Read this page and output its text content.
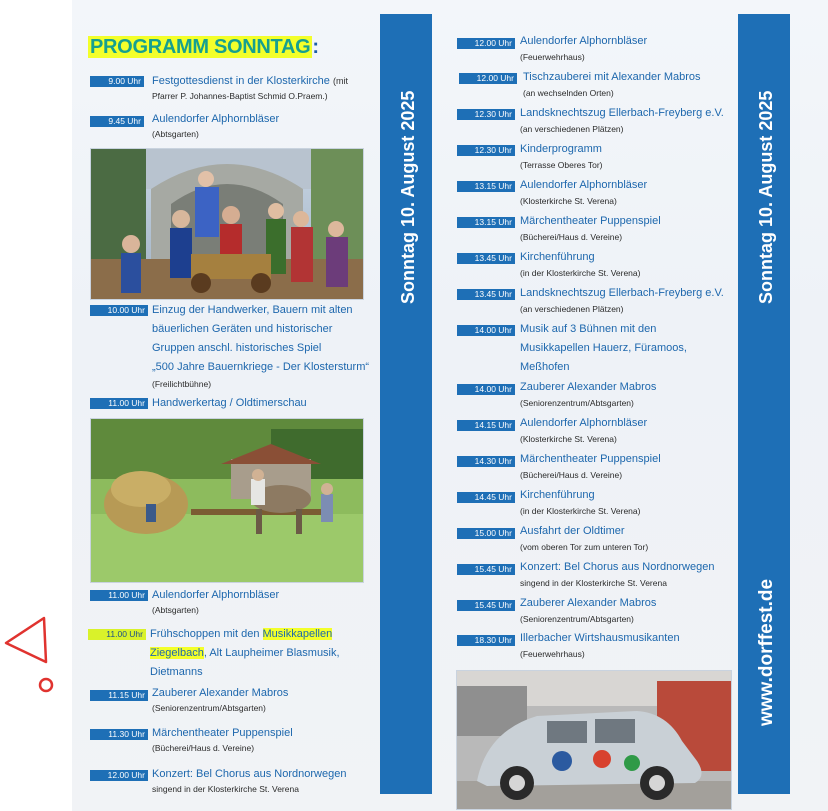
PROGRAMM SONNTAG :
9.00 Uhr Festgottesdienst in der Klosterkirche (mit
Pfarrer P. Johannes-Baptist Schmid O.Praem.)
9.45 Uhr Aulendorfer Alphornbläser
(Abtsgarten)
10.00 Uhr Einzug der Handwerker, Bauern mit alten
bäuerlichen Geräten und historischer
Gruppen anschl. historisches Spiel
„500 Jahre Bauernkriege - Der Klostersturm“
(Freilichtbühne)
11.00 Uhr Handwerkertag / Oldtimerschau
11.00 Uhr Aulendorfer Alphornbläser
(Abtsgarten)
11.00 Uhr Frühschoppen mit den Musikkapellen
Ziegelbach, Alt Laupheimer Blasmusik,
Dietmanns
11.15 Uhr Zauberer Alexander Mabros
(Seniorenzentrum/Abtsgarten)
11.30 Uhr Märchentheater Puppenspiel
(Bücherei/Haus d. Vereine)
12.00 Uhr Konzert: Bel Chorus aus Nordnorwegen
singend in der Klosterkirche St. Verena
Sonntag 10. August 2025
12.00 Uhr Aulendorfer Alphornbläser
(Feuerwehrhaus)
12.00 Uhr Tischzauberei mit Alexander Mabros
(an wechselnden Orten)
12.30 Uhr Landsknechtszug Ellerbach-Freyberg e.V.
(an verschiedenen Plätzen)
12.30 Uhr Kinderprogramm
(Terrasse Oberes Tor)
13.15 Uhr Aulendorfer Alphornbläser
(Klosterkirche St. Verena)
13.15 Uhr Märchentheater Puppenspiel
(Bücherei/Haus d. Vereine)
13.45 Uhr Kirchenführung
(in der Klosterkirche St. Verena)
13.45 Uhr Landsknechtszug Ellerbach-Freyberg e.V.
(an verschiedenen Plätzen)
14.00 Uhr Musik auf 3 Bühnen mit den
Musikkapellen Hauerz, Füramoos,
Meßhofen
14.00 Uhr Zauberer Alexander Mabros
(Seniorenzentrum/Abtsgarten)
14.15 Uhr Aulendorfer Alphornbläser
(Klosterkirche St. Verena)
14.30 Uhr Märchentheater Puppenspiel
(Bücherei/Haus d. Vereine)
14.45 Uhr Kirchenführung
(in der Klosterkirche St. Verena)
15.00 Uhr Ausfahrt der Oldtimer
(vom oberen Tor zum unteren Tor)
15.45 Uhr Konzert: Bel Chorus aus Nordnorwegen
singend in der Klosterkirche St. Verena
15.45 Uhr Zauberer Alexander Mabros
(Seniorenzentrum/Abtsgarten)
18.30 Uhr Illerbacher Wirtshausmusikanten
(Feuerwehrhaus)
Sonntag 10. August 2025
www.dorffest.de
